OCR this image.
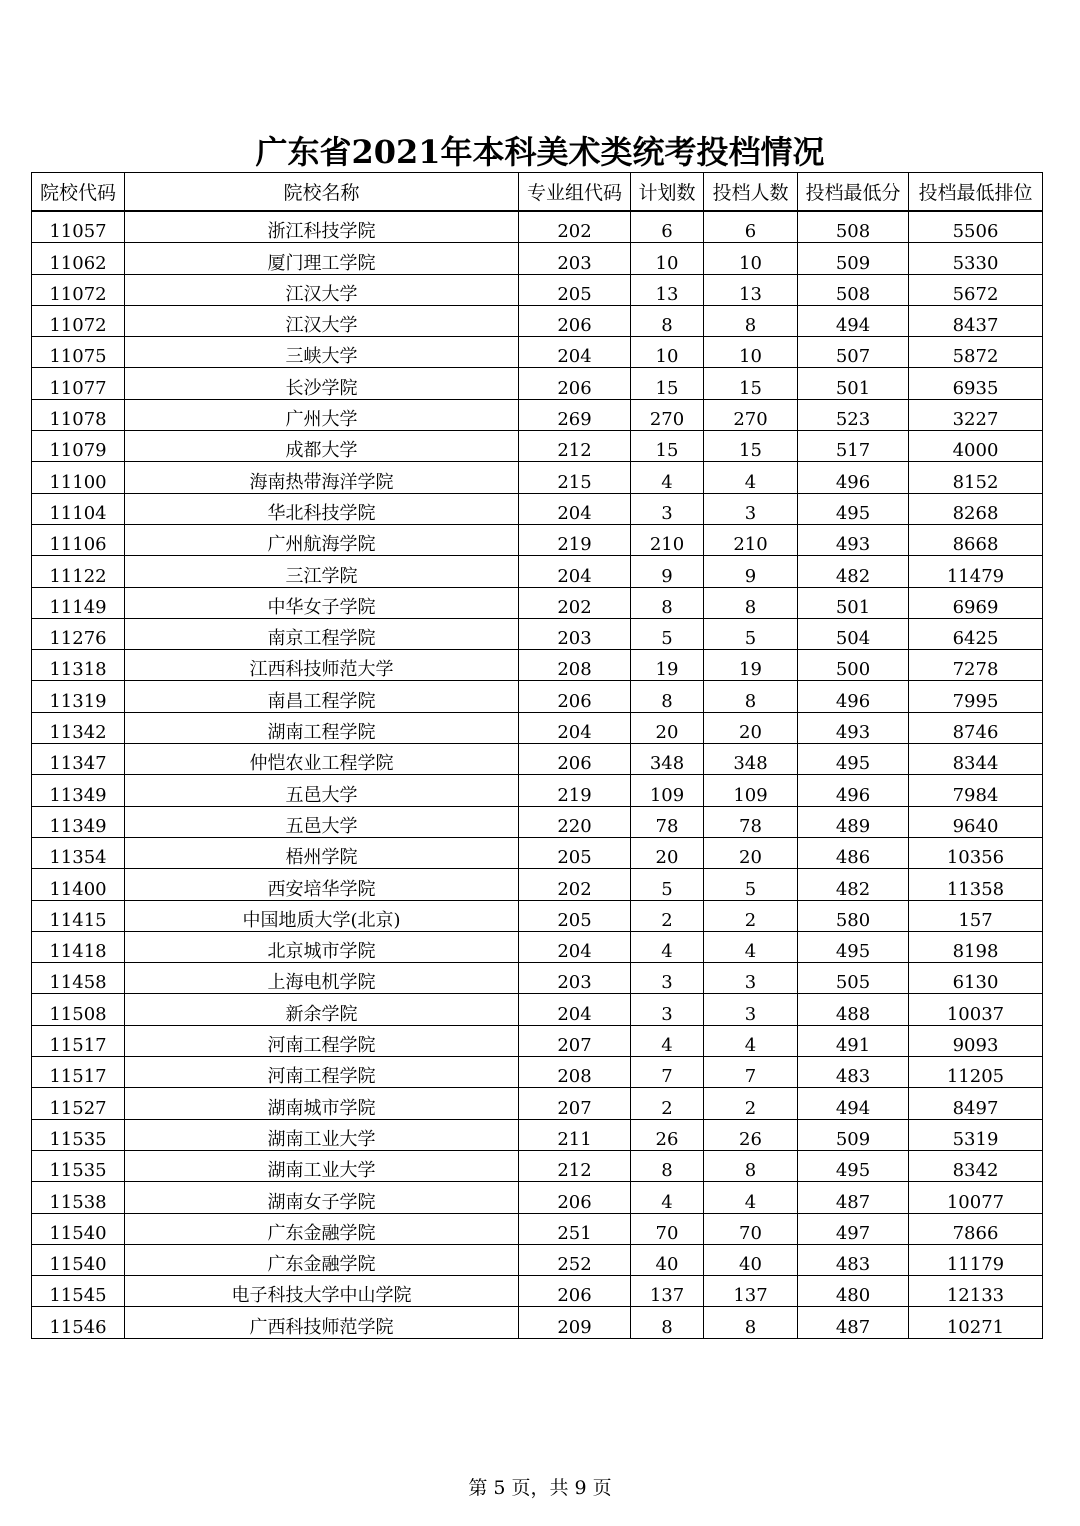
广东省2021年本科美术类统考投档情况
院校代码	院校名称	专业组代码	计划数	投档人数	投档最低分	投档最低排位
11057	浙江科技学院	202	6	6	508	5506
11062	厦门理工学院	203	10	10	509	5330
11072	江汉大学	205	13	13	508	5672
11072	江汉大学	206	8	8	494	8437
11075	三峡大学	204	10	10	507	5872
11077	长沙学院	206	15	15	501	6935
11078	广州大学	269	270	270	523	3227
11079	成都大学	212	15	15	517	4000
11100	海南热带海洋学院	215	4	4	496	8152
11104	华北科技学院	204	3	3	495	8268
11106	广州航海学院	219	210	210	493	8668
11122	三江学院	204	9	9	482	11479
11149	中华女子学院	202	8	8	501	6969
11276	南京工程学院	203	5	5	504	6425
11318	江西科技师范大学	208	19	19	500	7278
11319	南昌工程学院	206	8	8	496	7995
11342	湖南工程学院	204	20	20	493	8746
11347	仲恺农业工程学院	206	348	348	495	8344
11349	五邑大学	219	109	109	496	7984
11349	五邑大学	220	78	78	489	9640
11354	梧州学院	205	20	20	486	10356
11400	西安培华学院	202	5	5	482	11358
11415	中国地质大学(北京)	205	2	2	580	157
11418	北京城市学院	204	4	4	495	8198
11458	上海电机学院	203	3	3	505	6130
11508	新余学院	204	3	3	488	10037
11517	河南工程学院	207	4	4	491	9093
11517	河南工程学院	208	7	7	483	11205
11527	湖南城市学院	207	2	2	494	8497
11535	湖南工业大学	211	26	26	509	5319
11535	湖南工业大学	212	8	8	495	8342
11538	湖南女子学院	206	4	4	487	10077
11540	广东金融学院	251	70	70	497	7866
11540	广东金融学院	252	40	40	483	11179
11545	电子科技大学中山学院	206	137	137	480	12133
11546	广西科技师范学院	209	8	8	487	10271
第 5 页，共 9 页
